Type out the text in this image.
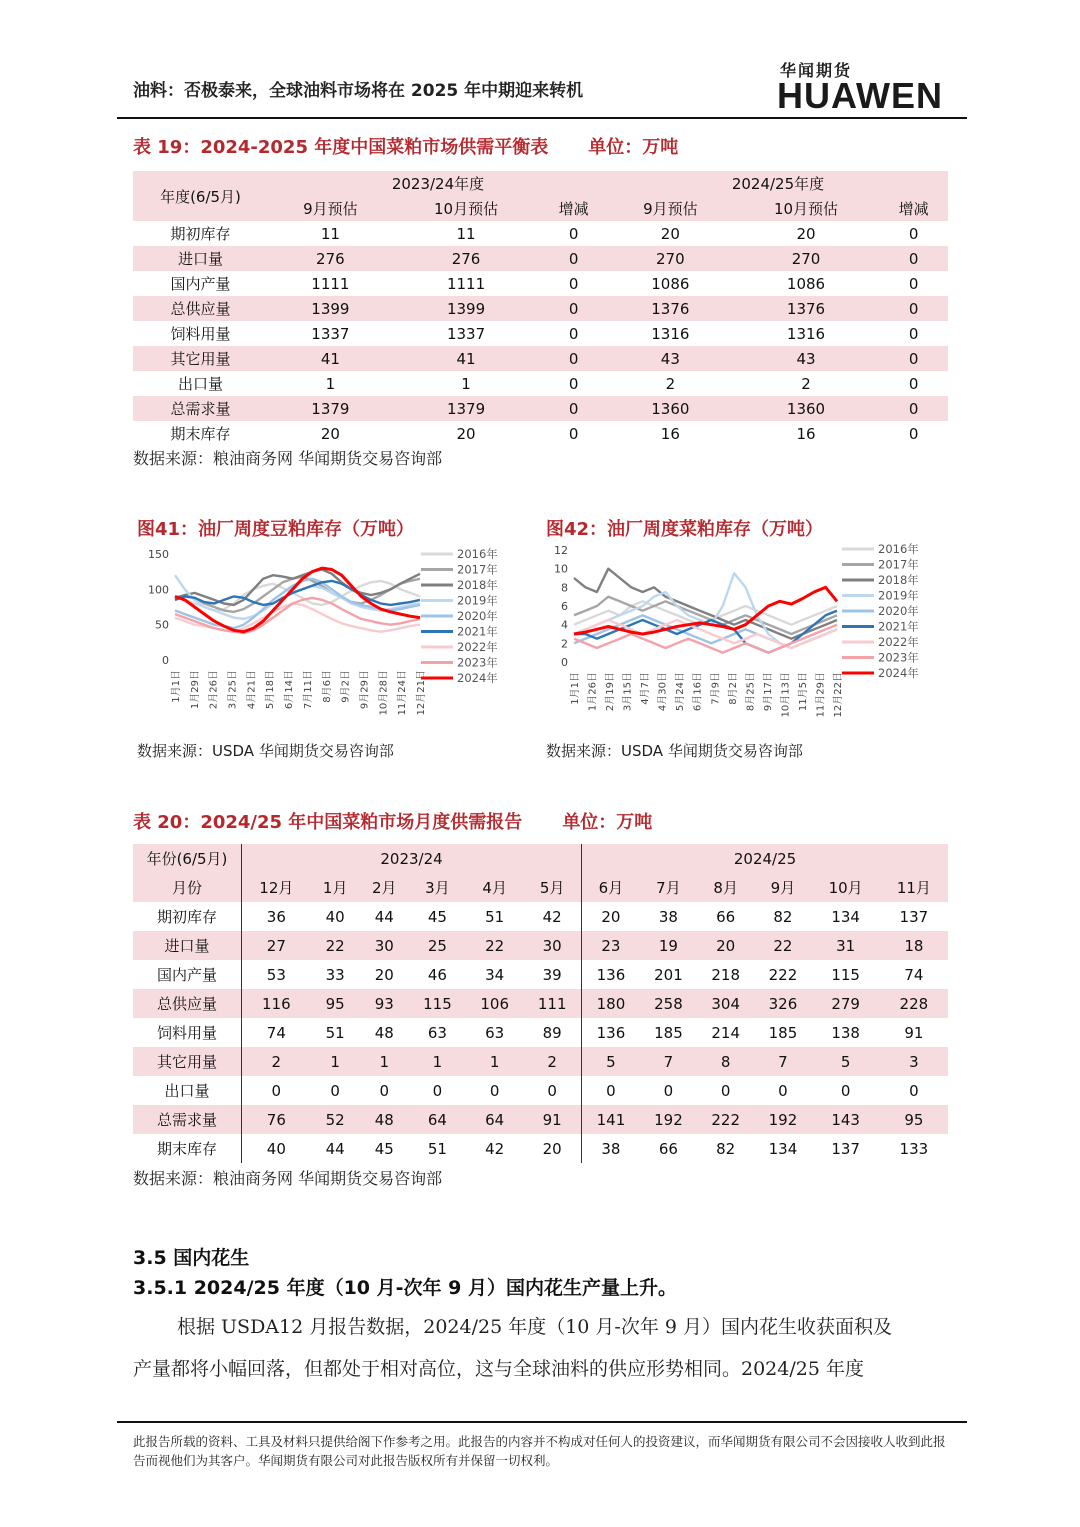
油料：否极泰来，全球油料市场将在 2025 年中期迎来转机
华闻期货
HUAWEN
表 19：2024-2025 年度中国菜粕市场供需平衡表 单位：万吨
年度(6/5月)	2023/24年度			2024/25年度		
	9月预估	10月预估	增减	9月预估	10月预估	增减
期初库存	11	11	0	20	20	0
进口量	276	276	0	270	270	0
国内产量	1111	1111	0	1086	1086	0
总供应量	1399	1399	0	1376	1376	0
饲料用量	1337	1337	0	1316	1316	0
其它用量	41	41	0	43	43	0
出口量	1	1	0	2	2	0
总需求量	1379	1379	0	1360	1360	0
期末库存	20	20	0	16	16	0
数据来源：粮油商务网 华闻期货交易咨询部
图41：油厂周度豆粕库存（万吨）
150
100
50
0
1月1日 1月29日 2月26日 3月25日 4月21日 5月18日 6月14日 7月11日 8月6日 9月2日 9月29日 10月28日 11月24日 12月21日
2016年
2017年
2018年
2019年
2020年
2021年
2022年
2023年
2024年
数据来源：USDA 华闻期货交易咨询部
图42：油厂周度菜粕库存（万吨）
12
10
8
6
4
2
0
1月1日 1月26日 2月19日 3月15日 4月7日 4月30日 5月24日 6月16日 7月9日 8月2日 8月25日 9月17日 10月13日 11月5日 11月29日 12月22日
2016年
2017年
2018年
2019年
2020年
2021年
2022年
2023年
2024年
数据来源：USDA 华闻期货交易咨询部
表 20：2024/25 年中国菜粕市场月度供需报告 单位：万吨
年份(6/5月)	2023/24						2024/25					
月份	12月	1月	2月	3月	4月	5月	6月	7月	8月	9月	10月	11月
期初库存	36	40	44	45	51	42	20	38	66	82	134	137
进口量	27	22	30	25	22	30	23	19	20	22	31	18
国内产量	53	33	20	46	34	39	136	201	218	222	115	74
总供应量	116	95	93	115	106	111	180	258	304	326	279	228
饲料用量	74	51	48	63	63	89	136	185	214	185	138	91
其它用量	2	1	1	1	1	2	5	7	8	7	5	3
出口量	0	0	0	0	0	0	0	0	0	0	0	0
总需求量	76	52	48	64	64	91	141	192	222	192	143	95
期末库存	40	44	45	51	42	20	38	66	82	134	137	133
数据来源：粮油商务网 华闻期货交易咨询部
3.5 国内花生
3.5.1 2024/25 年度（10 月-次年 9 月）国内花生产量上升。
根据 USDA12 月报告数据，2024/25 年度（10 月-次年 9 月）国内花生收获面积及
产量都将小幅回落，但都处于相对高位，这与全球油料的供应形势相同。2024/25 年度
此报告所载的资料、工具及材料只提供给阁下作参考之用。此报告的内容并不构成对任何人的投资建议，而华闻期货有限公司不会因接收人收到此报告而视他们为其客户。华闻期货有限公司对此报告版权所有并保留一切权利。
